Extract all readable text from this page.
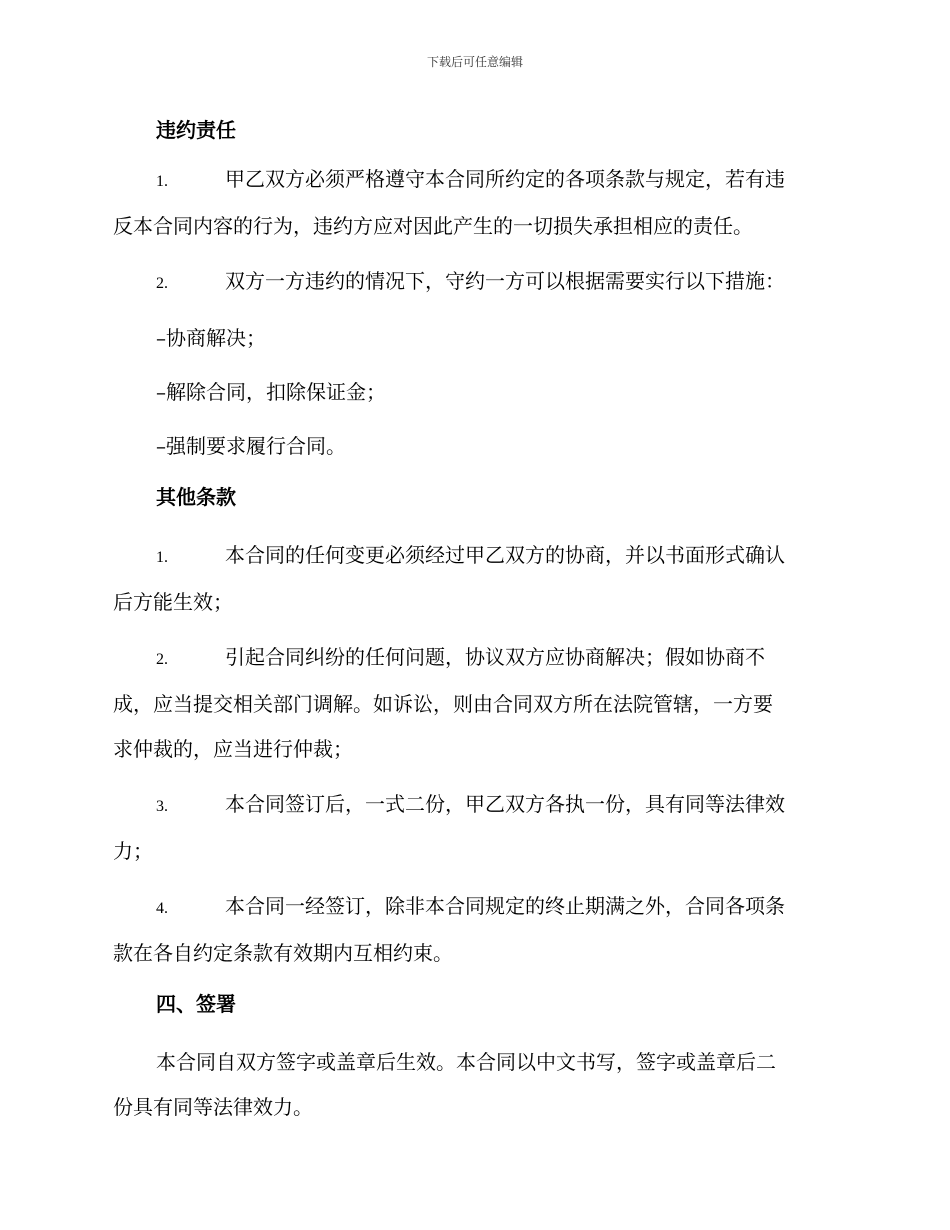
下载后可任意编辑
违约责任

1.	甲乙双方必须严格遵守本合同所约定的各项条款与规定，若有违

反本合同内容的行为，违约方应对因此产生的一切损失承担相应的责任。

2.	双方一方违约的情况下，守约一方可以根据需要实行以下措施：

–协商解决；

–解除合同，扣除保证金；

–强制要求履行合同。

其他条款

1.	本合同的任何变更必须经过甲乙双方的协商，并以书面形式确认

后方能生效；

2.	引起合同纠纷的任何问题，协议双方应协商解决；假如协商不

成，应当提交相关部门调解。如诉讼，则由合同双方所在法院管辖，一方要

求仲裁的，应当进行仲裁；

3.	本合同签订后，一式二份，甲乙双方各执一份，具有同等法律效

力；

4.	本合同一经签订，除非本合同规定的终止期满之外，合同各项条

款在各自约定条款有效期内互相约束。

四、签署

本合同自双方签字或盖章后生效。本合同以中文书写，签字或盖章后二

份具有同等法律效力。
